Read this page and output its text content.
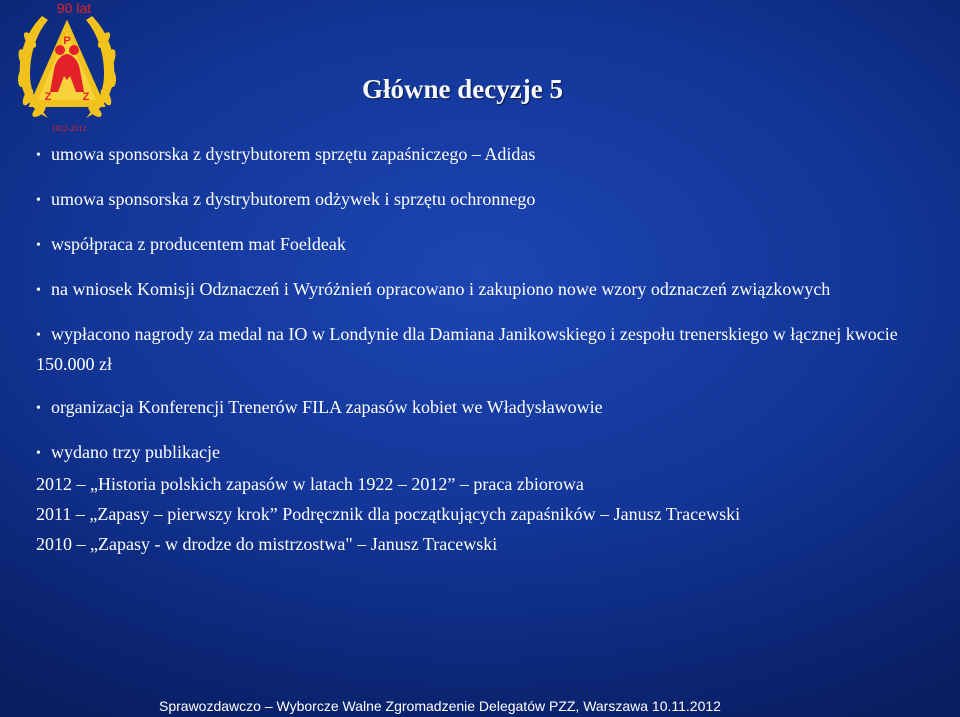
P
Z	Z
90 lat
1922-2012
Główne decyzje 5

• umowa sponsorska z dystrybutorem sprzętu zapaśniczego – Adidas

• umowa sponsorska z dystrybutorem odżywek i sprzętu ochronnego

• współpraca z producentem mat Foeldeak

• na wniosek Komisji Odznaczeń i Wyróżnień opracowano i zakupiono nowe wzory odznaczeń związkowych

• wypłacono nagrody za medal na IO w Londynie dla Damiana Janikowskiego i zespołu trenerskiego w łącznej kwocie 150.000 zł

• organizacja Konferencji Trenerów FILA zapasów kobiet we Władysławowie

• wydano trzy publikacje

2012 – „Historia polskich zapasów w latach 1922 – 2012” – praca zbiorowa

2011 – „Zapasy – pierwszy krok” Podręcznik dla początkujących zapaśników – Janusz Tracewski

2010 – „Zapasy - w drodze do mistrzostwa" – Janusz Tracewski

Sprawozdawczo – Wyborcze Walne Zgromadzenie Delegatów PZZ, Warszawa 10.11.2012
